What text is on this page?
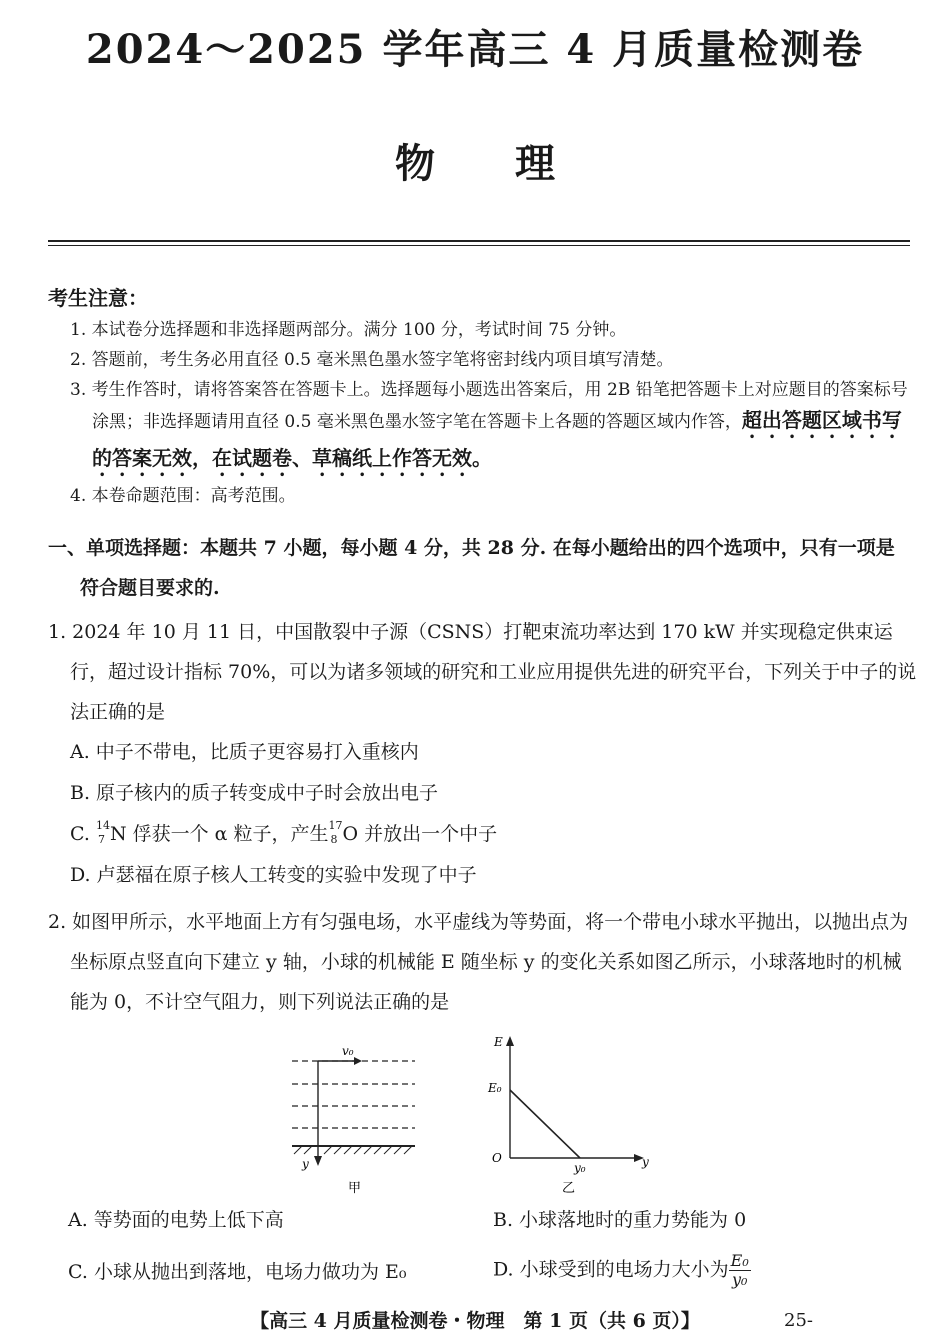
2024～2025 学年高三 4 月质量检测卷
物 理
考生注意：
1. 本试卷分选择题和非选择题两部分。满分 100 分，考试时间 75 分钟。
2. 答题前，考生务必用直径 0.5 毫米黑色墨水签字笔将密封线内项目填写清楚。
3. 考生作答时，请将答案答在答题卡上。选择题每小题选出答案后，用 2B 铅笔把答题卡上对应题目的答案标号涂黑；非选择题请用直径 0.5 毫米黑色墨水签字笔在答题卡上各题的答题区域内作答，超出答题区域书写的答案无效，在试题卷、草稿纸上作答无效。
4. 本卷命题范围：高考范围。
一、单项选择题：本题共 7 小题，每小题 4 分，共 28 分. 在每小题给出的四个选项中，只有一项是
符合题目要求的.
1. 2024 年 10 月 11 日，中国散裂中子源（CSNS）打靶束流功率达到 170 kW 并实现稳定供束运行，超过设计指标 70%，可以为诸多领域的研究和工业应用提供先进的研究平台，下列关于中子的说法正确的是
A. 中子不带电，比质子更容易打入重核内
B. 原子核内的质子转变成中子时会放出电子
C. 14
7 N 俘获一个 α 粒子，产生 17
8 O 并放出一个中子
D. 卢瑟福在原子核人工转变的实验中发现了中子
2. 如图甲所示，水平地面上方有匀强电场，水平虚线为等势面，将一个带电小球水平抛出，以抛出点为坐标原点竖直向下建立 y 轴，小球的机械能 E 随坐标 y 的变化关系如图乙所示，小球落地时的机械能为 0，不计空气阻力，则下列说法正确的是
v₀
y
甲
E
E₀
O
y₀	y
乙
A. 等势面的电势上低下高	B. 小球落地时的重力势能为 0
C. 小球从抛出到落地，电场力做功为 E₀	D. 小球受到的电场力大小为 $\frac{\text{E₀}}{\text{y₀}}$
【高三 4 月质量检测卷・物理　第 1 页（共 6 页）】	25-
